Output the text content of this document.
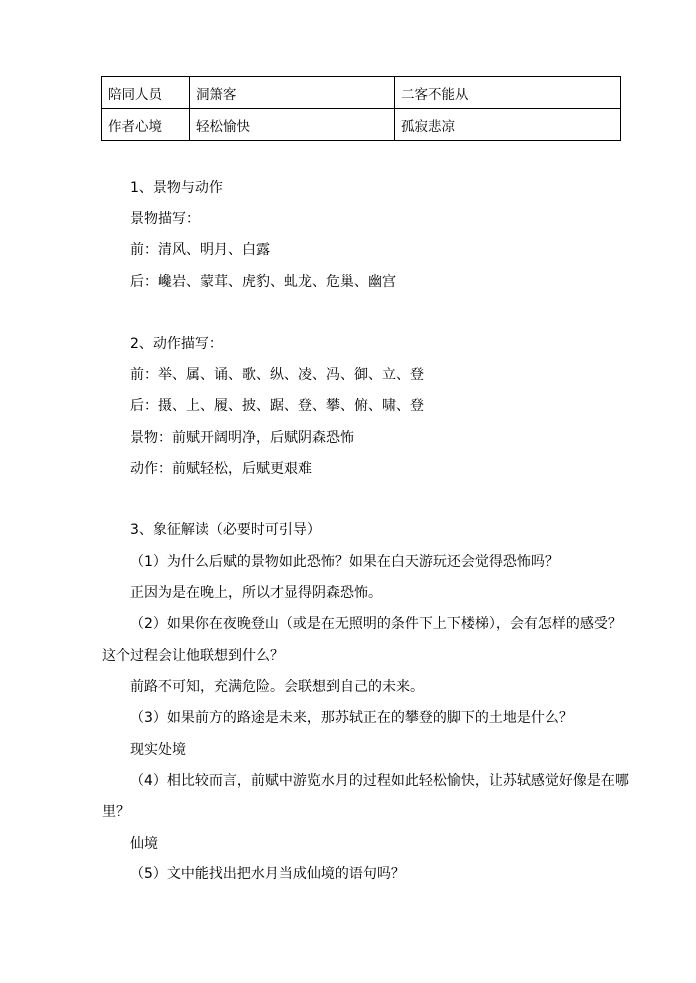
陪同人员	洞箫客	二客不能从
作者心境	轻松愉快	孤寂悲凉
1、景物与动作
景物描写：
前：清风、明月、白露
后：巉岩、蒙茸、虎豹、虬龙、危巢、幽宫
2、动作描写：
前：举、属、诵、歌、纵、凌、冯、御、立、登
后：摄、上、履、披、踞、登、攀、俯、啸、登
景物：前赋开阔明净，后赋阴森恐怖
动作：前赋轻松，后赋更艰难
3、象征解读（必要时可引导）
（1）为什么后赋的景物如此恐怖？如果在白天游玩还会觉得恐怖吗？
正因为是在晚上，所以才显得阴森恐怖。
（2）如果你在夜晚登山（或是在无照明的条件下上下楼梯），会有怎样的感受？
这个过程会让他联想到什么？
前路不可知，充满危险。会联想到自己的未来。
（3）如果前方的路途是未来，那苏轼正在的攀登的脚下的土地是什么？
现实处境
（4）相比较而言，前赋中游览水月的过程如此轻松愉快，让苏轼感觉好像是在哪
里？
仙境
（5）文中能找出把水月当成仙境的语句吗？
